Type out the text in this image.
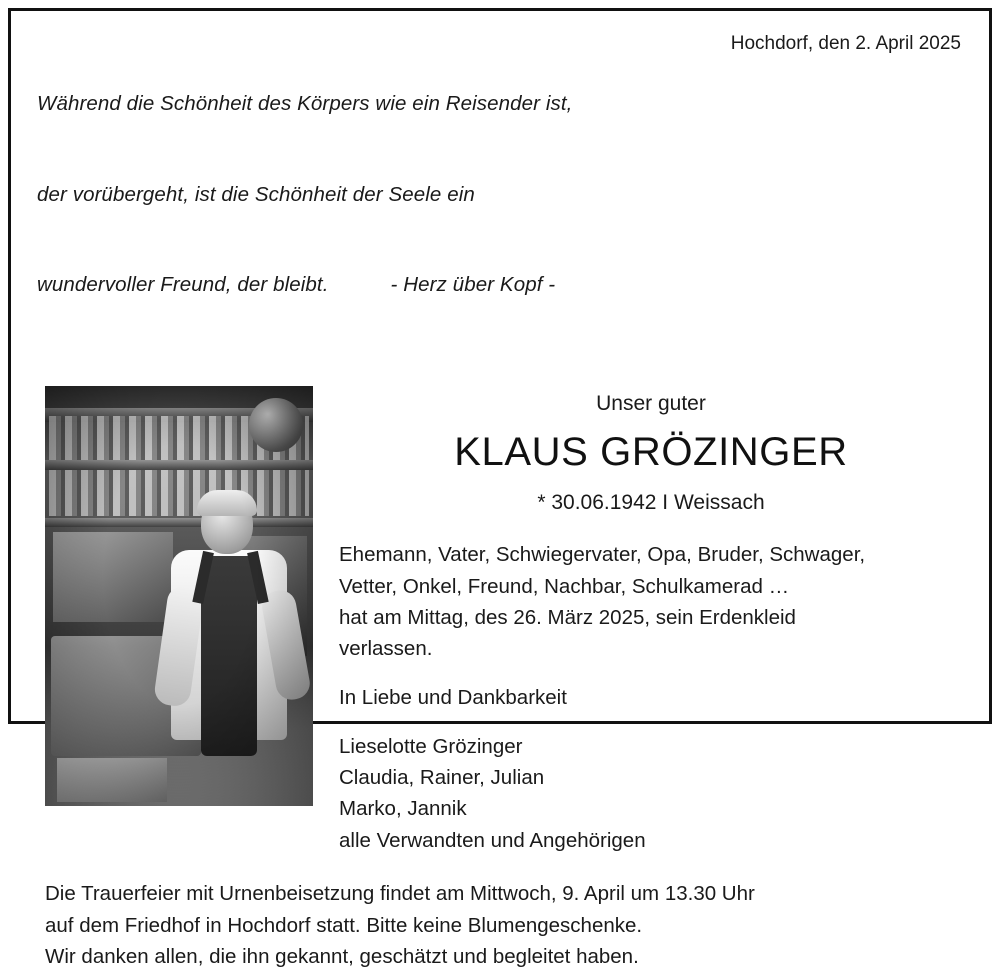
Während die Schönheit des Körpers wie ein Reisender ist,

der vorübergeht, ist die Schönheit der Seele ein

wundervoller Freund, der bleibt.	- Herz über Kopf -

Hochdorf, den 2. April 2025
Unser guter
KLAUS GRÖZINGER
* 30.06.1942 I Weissach
Ehemann, Vater, Schwiegervater, Opa, Bruder, Schwager,
Vetter, Onkel, Freund, Nachbar, Schulkamerad …
hat am Mittag, des 26. März 2025, sein Erdenkleid
verlassen.
In Liebe und Dankbarkeit
Lieselotte Grözinger
Claudia, Rainer, Julian
Marko, Jannik
alle Verwandten und Angehörigen
Die Trauerfeier mit Urnenbeisetzung findet am Mittwoch, 9. April um 13.30 Uhr
auf dem Friedhof in Hochdorf statt. Bitte keine Blumengeschenke.
Wir danken allen, die ihn gekannt, geschätzt und begleitet haben.
